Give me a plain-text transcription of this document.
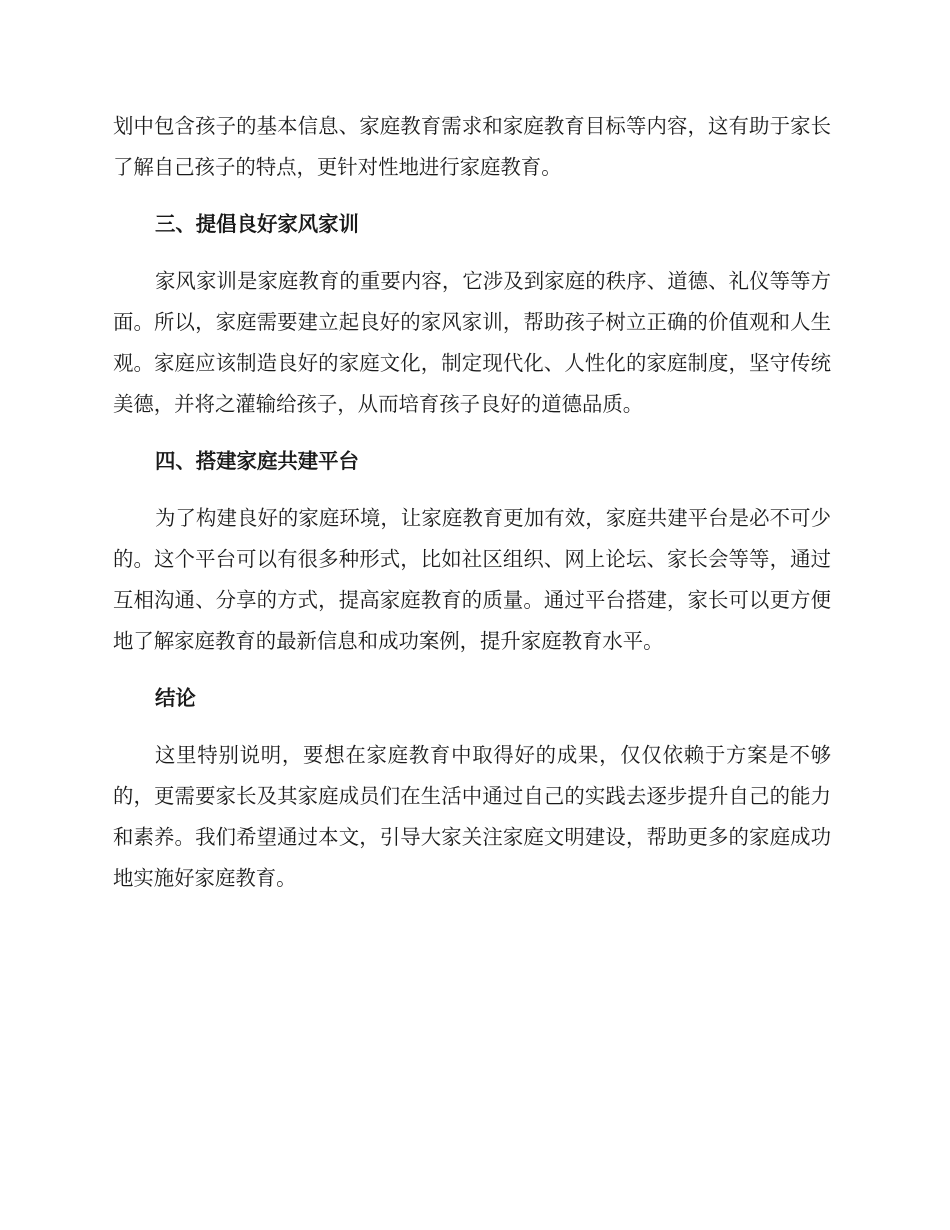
划中包含孩子的基本信息、家庭教育需求和家庭教育目标等内容，这有助于家长了解自己孩子的特点，更针对性地进行家庭教育。

三、提倡良好家风家训

家风家训是家庭教育的重要内容，它涉及到家庭的秩序、道德、礼仪等等方面。所以，家庭需要建立起良好的家风家训，帮助孩子树立正确的价值观和人生观。家庭应该制造良好的家庭文化，制定现代化、人性化的家庭制度，坚守传统美德，并将之灌输给孩子，从而培育孩子良好的道德品质。

四、搭建家庭共建平台

为了构建良好的家庭环境，让家庭教育更加有效，家庭共建平台是必不可少的。这个平台可以有很多种形式，比如社区组织、网上论坛、家长会等等，通过互相沟通、分享的方式，提高家庭教育的质量。通过平台搭建，家长可以更方便地了解家庭教育的最新信息和成功案例，提升家庭教育水平。

结论

这里特别说明，要想在家庭教育中取得好的成果，仅仅依赖于方案是不够的，更需要家长及其家庭成员们在生活中通过自己的实践去逐步提升自己的能力和素养。我们希望通过本文，引导大家关注家庭文明建设，帮助更多的家庭成功地实施好家庭教育。
